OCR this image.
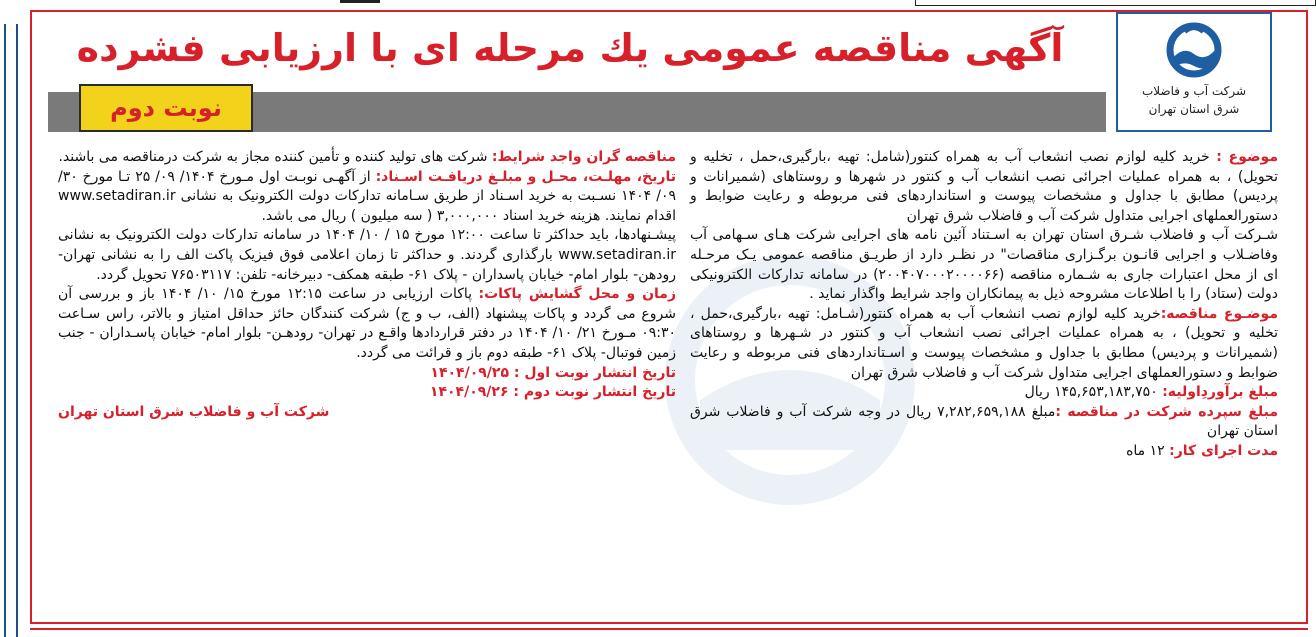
شرکت آب و فاضلاب
شرق استان تهران
آگهی مناقصه عمومی یك مرحله ای با ارزیابی فشرده
نوبت دوم

موضوع : خرید کلیه لوازم نصب انشعاب آب به همراه کنتور(شامل: تهیه ،بارگیری،حمل ، تخلیه و تحویل) ، به همراه عملیات اجرائی نصب انشعاب آب و کنتور در شهرها و روستاهای (شمیرانات و پردیس) مطابق با جداول و مشخصات پیوست و استانداردهای فنی مربوطه و رعایت ضوابط و دستورالعملهای اجرایی متداول شرکت آب و فاضلاب شرق تهران

شـرکت آب و فاضلاب شـرق استان تهران به اسـتناد آئین نامه های اجرایی شرکت هـای سـهامی آب وفاضـلاب و اجرایی قانـون برگـزاری مناقصات" در نظـر دارد از طریـق مناقصه عمومی یـک مرحـله ای از محل اعتبارات جاری به شـماره مناقصه (۲۰۰۴۰۷۰۰۰۲۰۰۰۰۶۶) در سامانه تدارکات الکترونیکی دولت (ستاد) را با اطلاعات مشروحه ذیل به پیمانکاران واجد شرایط واگذار نماید .

موضـوع مناقصه:خرید کلیه لوازم نصب انشعاب آب به همراه کنتور(شـامل: تهیه ،بارگیری،حمل ، تخلیه و تحویل) ، به همراه عملیات اجرائی نصب انشعاب آب و کنتور در شـهرها و روستاهای (شمیرانات و پردیس) مطابق با جداول و مشخصات پیوست و اسـتانداردهای فنی مربوطه و رعایت ضوابط و دستورالعملهای اجرایی متداول شرکت آب و فاضلاب شرق تهران

مبلغ برآوردِاولیه: ۱۴۵,۶۵۳,۱۸۳,۷۵۰ ریال

مبلغ سپرده شرکت در مناقصه :مبلغ ۷,۲۸۲,۶۵۹,۱۸۸ ریال در وجه شرکت آب و فاضلاب شرق استان تهران

مدت اجرای کار: ۱۲ ماه

مناقصه گران واجد شرایط: شرکت های تولید کننده و تأمین کننده مجاز به شرکت درمناقصه می باشند.

تاریخ، مهلـت، محـل و مبلـغ دریافـت اسـناد: از آگهـی نوبـت اول مـورخ ۱۴۰۴/ ۰۹/ ۲۵ تـا مورخ ۳۰/ ۰۹/ ۱۴۰۴ نسـبت به خرید اسـناد از طریق سـامانه تدارکات دولت الکترونیک به نشانی www.setadiran.ir اقدام نمایند. هزینه خرید اسناد ۳,۰۰۰,۰۰۰ ( سه میلیون ) ریال می باشد.

پیشـنهادها، باید حداکثر تا ساعت ۱۲:۰۰ مورخ ۱۵ / ۱۰/ ۱۴۰۴ در سامانه تدارکات دولت الکترونیک به نشانی www.setadiran.ir بارگذاری گردند. و حداکثر تا زمان اعلامی فوق فیزیک پاکت الف را به نشانی تهران- رودهن- بلوار امام- خیابان پاسداران - پلاک ۶۱- طبقه همکف- دبیرخانه- تلفن: ۷۶۵۰۳۱۱۷ تحویل گردد.

زمان و محل گشایش پاکات: پاکات ارزیابی در ساعت ۱۲:۱۵ مورخ ۱۵/ ۱۰/ ۱۴۰۴ باز و بررسی آن شروع می گردد و پاکات پیشنهاد (الف، ب و ج) شرکت کنندگان حائز حداقل امتیاز و بالاتر، راس سـاعت ۰۹:۳۰ مـورخ ۲۱/ ۱۰/ ۱۴۰۴ در دفتر قراردادها واقـع در تهران- رودهـن- بلوار امام- خیابان پاسـداران - جنب زمین فوتبال- پلاک ۶۱- طبقه دوم باز و قرائت می گردد.

تاریخ انتشار نوبت اول : ۱۴۰۴/۰۹/۲۵

تاریخ انتشار نوبت دوم : ۱۴۰۴/۰۹/۲۶

شرکت آب و فاضلاب شرق استان تهران
